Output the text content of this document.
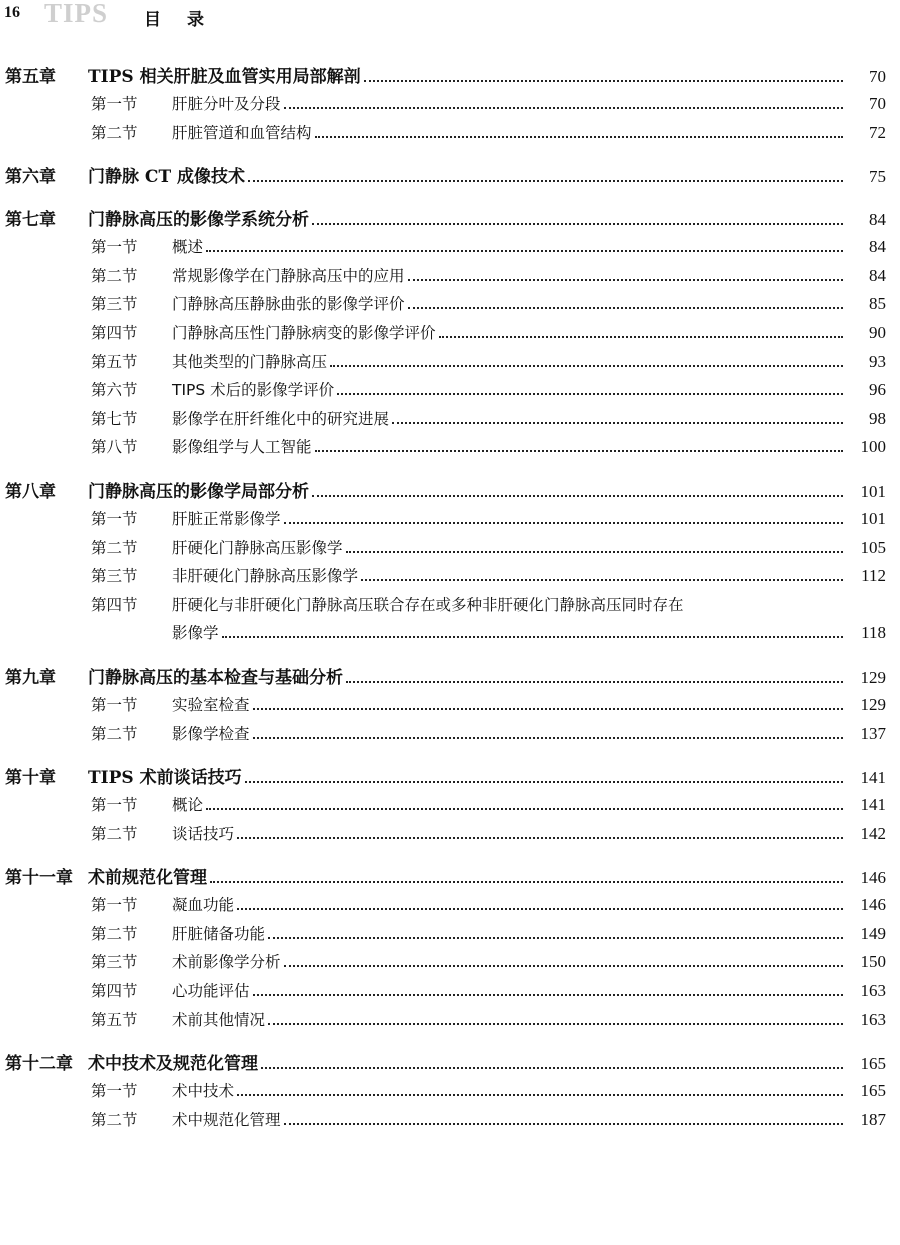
16 TIPS 目录
第五章	TIPS 相关肝脏及血管实用局部解剖	70
第一节	肝脏分叶及分段	70
第二节	肝脏管道和血管结构	72
第六章	门静脉 CT 成像技术	75
第七章	门静脉高压的影像学系统分析	84
第一节	概述	84
第二节	常规影像学在门静脉高压中的应用	84
第三节	门静脉高压静脉曲张的影像学评价	85
第四节	门静脉高压性门静脉病变的影像学评价	90
第五节	其他类型的门静脉高压	93
第六节	TIPS 术后的影像学评价	96
第七节	影像学在肝纤维化中的研究进展	98
第八节	影像组学与人工智能	100
第八章	门静脉高压的影像学局部分析	101
第一节	肝脏正常影像学	101
第二节	肝硬化门静脉高压影像学	105
第三节	非肝硬化门静脉高压影像学	112
第四节	肝硬化与非肝硬化门静脉高压联合存在或多种非肝硬化门静脉高压同时存在
影像学	118
第九章	门静脉高压的基本检查与基础分析	129
第一节	实验室检查	129
第二节	影像学检查	137
第十章	TIPS 术前谈话技巧	141
第一节	概论	141
第二节	谈话技巧	142
第十一章 术前规范化管理	146
第一节	凝血功能	146
第二节	肝脏储备功能	149
第三节	术前影像学分析	150
第四节	心功能评估	163
第五节	术前其他情况	163
第十二章 术中技术及规范化管理	165
第一节	术中技术	165
第二节	术中规范化管理	187
